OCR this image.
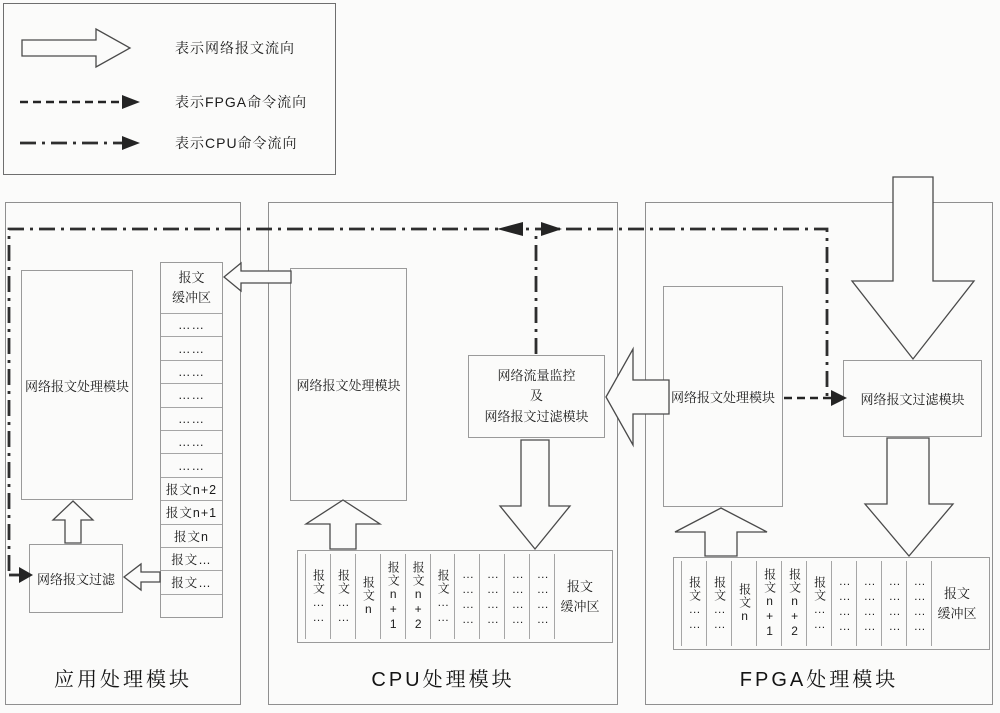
表示网络报文流向
表示FPGA命令流向
表示CPU命令流向
应用处理模块
网络报文处理模块
网络报文过滤
报文
缓冲区
……
……
……
……
……
……
……
报文n+2
报文n+1
报文n
报文…
报文…
CPU处理模块
网络报文处理模块
网络流量监控
及
网络报文过滤模块
报文…… 报文…… 报文n 报文n+1 报文n+2 报文…… ………… ………… ………… …………	报文
缓冲区
FPGA处理模块
网络报文处理模块	网络报文过滤模块
报文…… 报文…… 报文n 报文n+1 报文n+2 报文…… ………… ………… ………… …………	报文
缓冲区
